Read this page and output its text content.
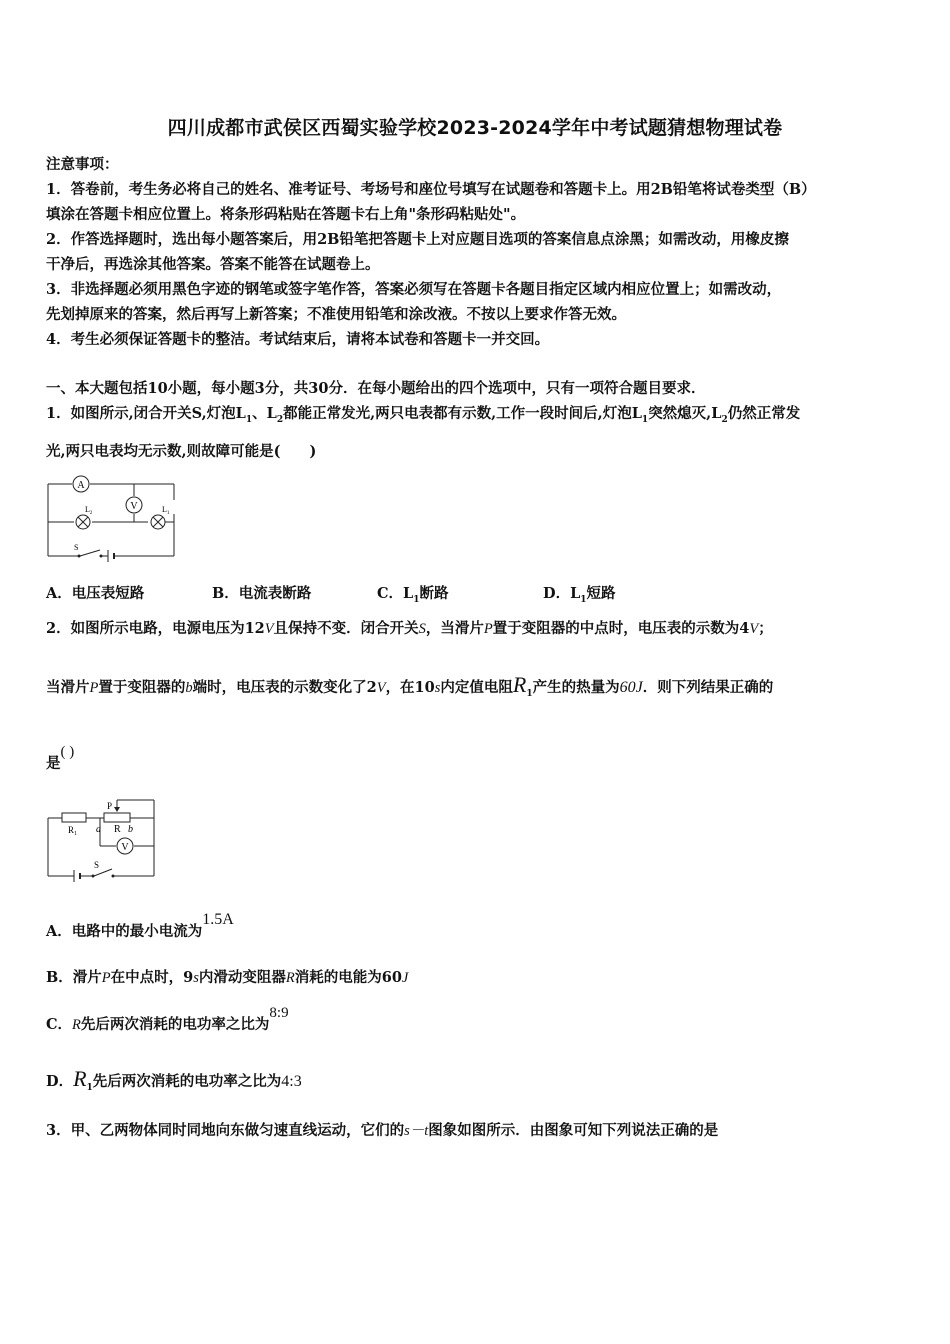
四川成都市武侯区西蜀实验学校2023-2024学年中考试题猜想物理试卷
注意事项：
1．答卷前，考生务必将自己的姓名、准考证号、考场号和座位号填写在试题卷和答题卡上。用2B铅笔将试卷类型（B）
填涂在答题卡相应位置上。将条形码粘贴在答题卡右上角"条形码粘贴处"。
2．作答选择题时，选出每小题答案后，用2B铅笔把答题卡上对应题目选项的答案信息点涂黑；如需改动，用橡皮擦
干净后，再选涂其他答案。答案不能答在试题卷上。
3．非选择题必须用黑色字迹的钢笔或签字笔作答，答案必须写在答题卡各题目指定区域内相应位置上；如需改动，
先划掉原来的答案，然后再写上新答案；不准使用铅笔和涂改液。不按以上要求作答无效。
4．考生必须保证答题卡的整洁。考试结束后，请将本试卷和答题卡一并交回。
一、本大题包括10小题，每小题3分，共30分．在每小题给出的四个选项中，只有一项符合题目要求．
1．如图所示,闭合开关S,灯泡$L_1$、$L_2$都能正常发光,两只电表都有示数,工作一段时间后,灯泡$L_1$突然熄灭$,L_2$仍然正常发
光,两只电表均无示数,则故障可能是(　　)
A
V
$L_2$	$L_1$
S
A．电压表短路	B．电流表断路	C．$L_1$断路	D．$L_1$短路
2．如图所示电路，电源电压为12V且保持不变．闭合开关S，当滑片P置于变阻器的中点时，电压表的示数为4V；
当滑片P置于变阻器的b端时，电压表的示数变化了2V，在10s内定值电阻$R_1$产生的热量为60J．则下列结果正确的
是( )
$R_1$
P
a R b
V
S
A．电路中的最小电流为1.5A
B．滑片P在中点时，9s内滑动变阻器R消耗的电能为60J
C．R先后两次消耗的电功率之比为8:9
D．$R_1$先后两次消耗的电功率之比为4:3
3．甲、乙两物体同时同地向东做匀速直线运动，它们的s－t图象如图所示．由图象可知下列说法正确的是
